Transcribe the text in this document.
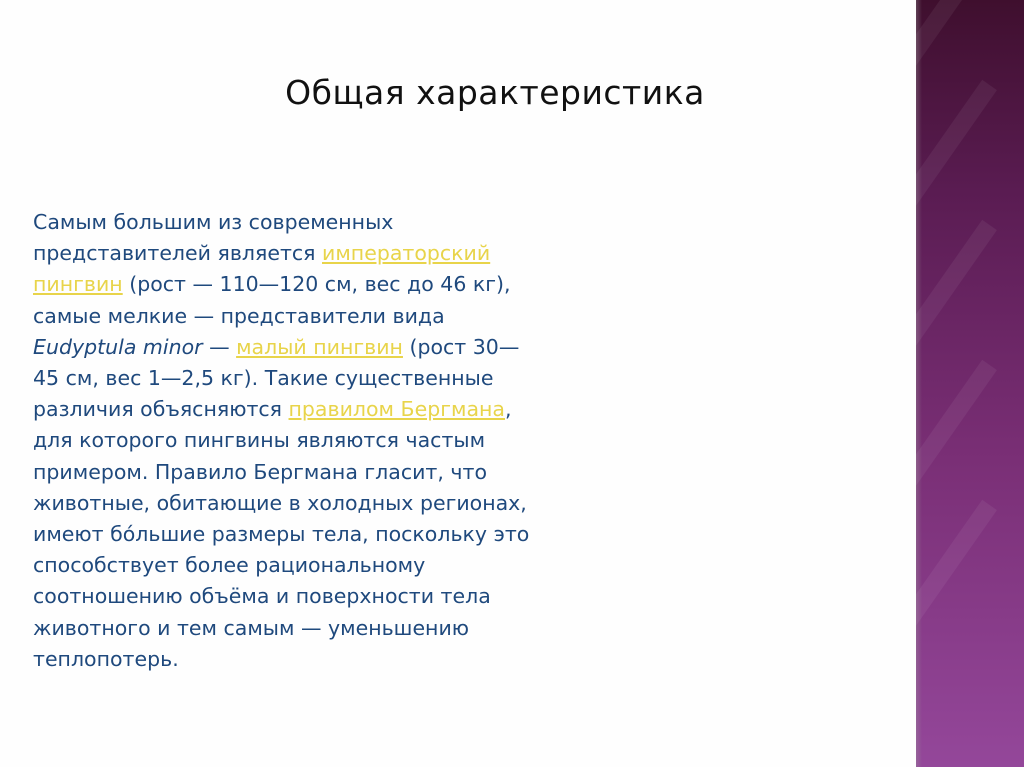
Общая характеристика
Самым большим из современных представителей является императорский пингвин (рост — 110—120 см, вес до 46 кг), самые мелкие — представители вида Eudyptula minor — малый пингвин (рост 30—45 см, вес 1—2,5 кг). Такие существенные различия объясняются правилом Бергмана, для которого пингвины являются частым примером. Правило Бергмана гласит, что животные, обитающие в холодных регионах, имеют бо́льшие размеры тела, поскольку это способствует более рациональному соотношению объёма и поверхности тела животного и тем самым — уменьшению теплопотерь.
